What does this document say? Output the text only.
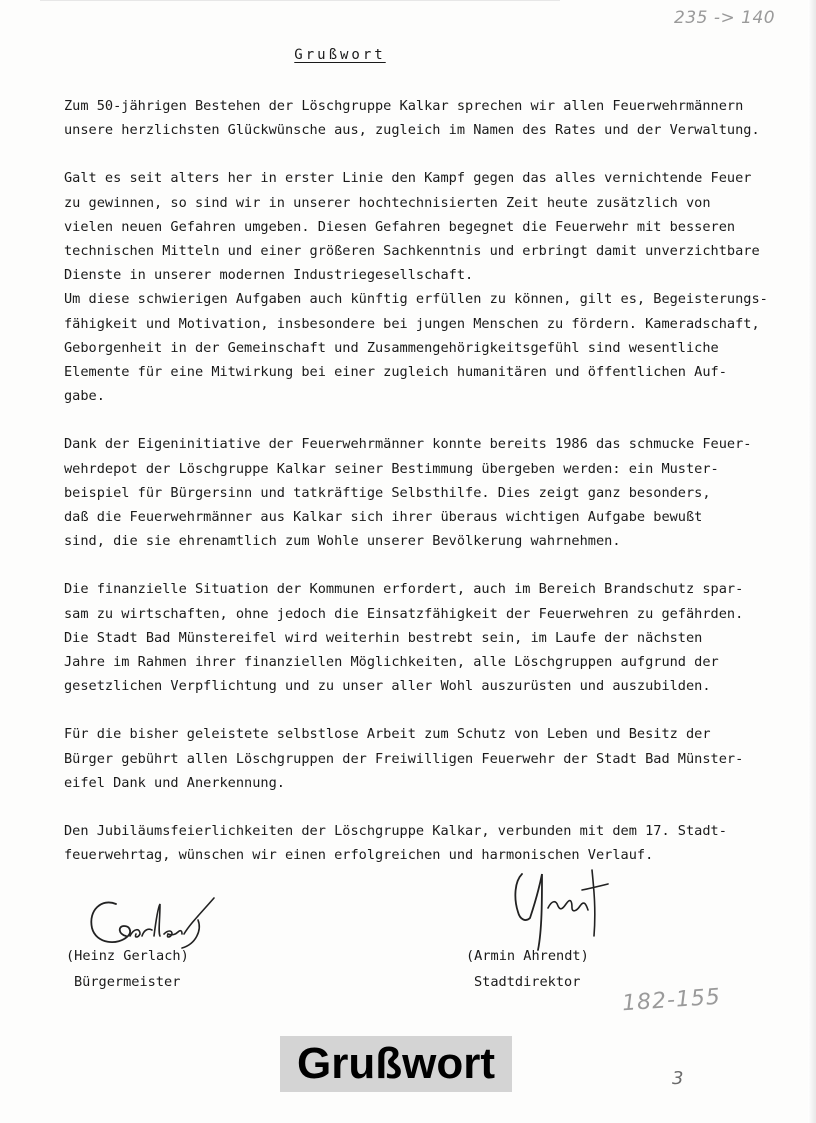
235 -> 140
Grußwort

Zum 50-jährigen Bestehen der Löschgruppe Kalkar sprechen wir allen Feuerwehrmännern
unsere herzlichsten Glückwünsche aus, zugleich im Namen des Rates und der Verwaltung.

Galt es seit alters her in erster Linie den Kampf gegen das alles vernichtende Feuer
zu gewinnen, so sind wir in unserer hochtechnisierten Zeit heute zusätzlich von
vielen neuen Gefahren umgeben. Diesen Gefahren begegnet die Feuerwehr mit besseren
technischen Mitteln und einer größeren Sachkenntnis und erbringt damit unverzichtbare
Dienste in unserer modernen Industriegesellschaft.

Um diese schwierigen Aufgaben auch künftig erfüllen zu können, gilt es, Begeisterungs-
fähigkeit und Motivation, insbesondere bei jungen Menschen zu fördern. Kameradschaft,
Geborgenheit in der Gemeinschaft und Zusammengehörigkeitsgefühl sind wesentliche
Elemente für eine Mitwirkung bei einer zugleich humanitären und öffentlichen Auf-
gabe.

Dank der Eigeninitiative der Feuerwehrmänner konnte bereits 1986 das schmucke Feuer-
wehrdepot der Löschgruppe Kalkar seiner Bestimmung übergeben werden: ein Muster-
beispiel für Bürgersinn und tatkräftige Selbsthilfe. Dies zeigt ganz besonders,
daß die Feuerwehrmänner aus Kalkar sich ihrer überaus wichtigen Aufgabe bewußt
sind, die sie ehrenamtlich zum Wohle unserer Bevölkerung wahrnehmen.

Die finanzielle Situation der Kommunen erfordert, auch im Bereich Brandschutz spar-
sam zu wirtschaften, ohne jedoch die Einsatzfähigkeit der Feuerwehren zu gefährden.
Die Stadt Bad Münstereifel wird weiterhin bestrebt sein, im Laufe der nächsten
Jahre im Rahmen ihrer finanziellen Möglichkeiten, alle Löschgruppen aufgrund der
gesetzlichen Verpflichtung und zu unser aller Wohl auszurüsten und auszubilden.

Für die bisher geleistete selbstlose Arbeit zum Schutz von Leben und Besitz der
Bürger gebührt allen Löschgruppen der Freiwilligen Feuerwehr der Stadt Bad Münster-
eifel Dank und Anerkennung.

Den Jubiläumsfeierlichkeiten der Löschgruppe Kalkar, verbunden mit dem 17. Stadt-
feuerwehrtag, wünschen wir einen erfolgreichen und harmonischen Verlauf.

(Heinz Gerlach)
Bürgermeister
(Armin Ahrendt)
Stadtdirektor
182-155
Grußwort	3
